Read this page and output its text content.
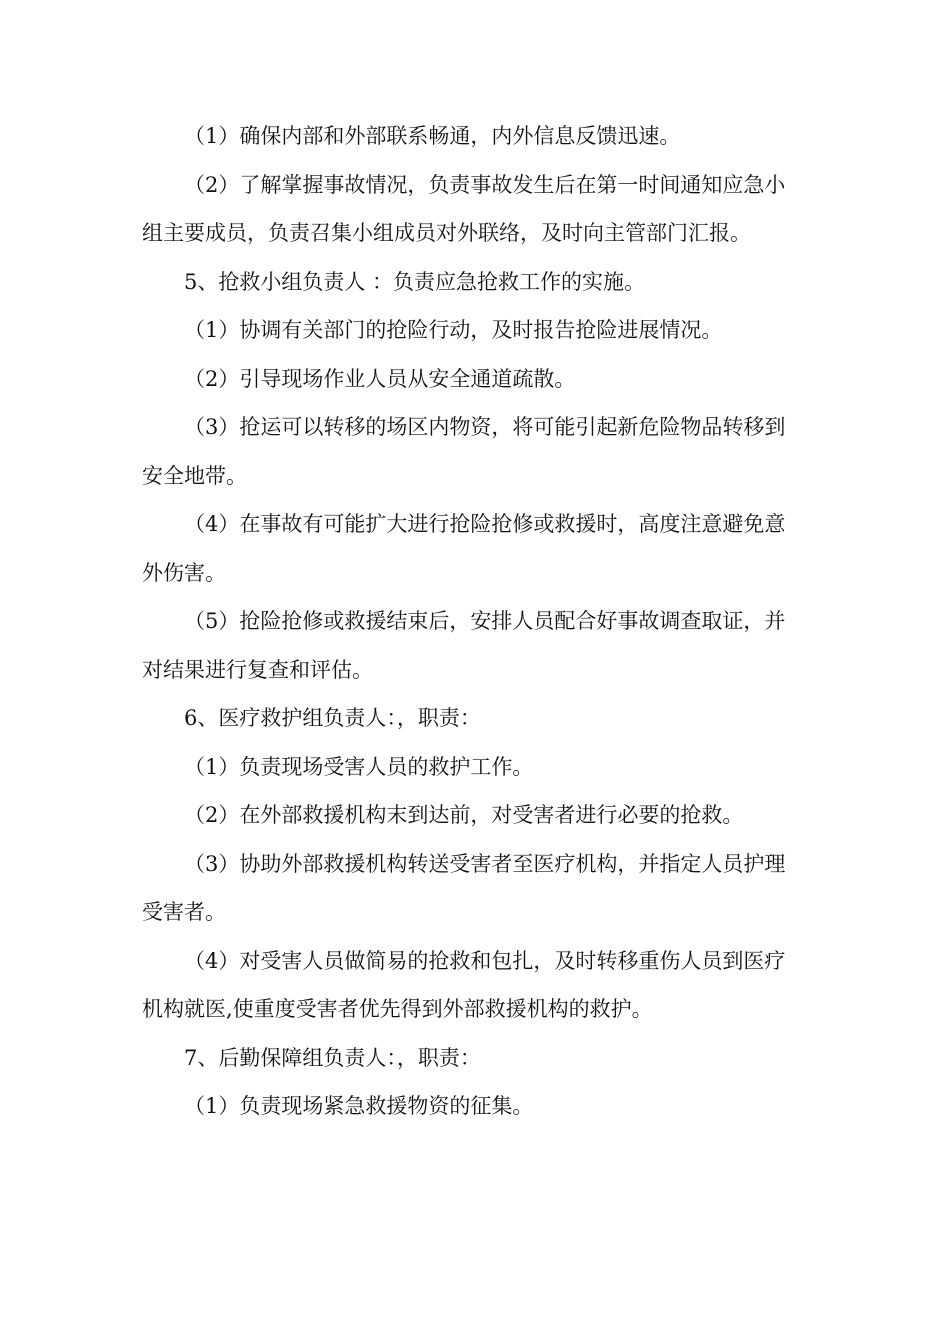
（1）确保内部和外部联系畅通，内外信息反馈迅速。

（2）了解掌握事故情况，负责事故发生后在第一时间通知应急小组主要成员，负责召集小组成员对外联络，及时向主管部门汇报。

5、抢救小组负责人 ：负责应急抢救工作的实施。

（1）协调有关部门的抢险行动，及时报告抢险进展情况。

（2）引导现场作业人员从安全通道疏散。

（3）抢运可以转移的场区内物资，将可能引起新危险物品转移到安全地带。

（4）在事故有可能扩大进行抢险抢修或救援时，高度注意避免意外伤害。

（5）抢险抢修或救援结束后，安排人员配合好事故调查取证，并对结果进行复查和评估。

6、医疗救护组负责人：，职责：

（1）负责现场受害人员的救护工作。

（2）在外部救援机构末到达前，对受害者进行必要的抢救。

（3）协助外部救援机构转送受害者至医疗机构，并指定人员护理受害者。

（4）对受害人员做简易的抢救和包扎，及时转移重伤人员到医疗机构就医,使重度受害者优先得到外部救援机构的救护。

7、后勤保障组负责人：，职责：

（1）负责现场紧急救援物资的征集。
